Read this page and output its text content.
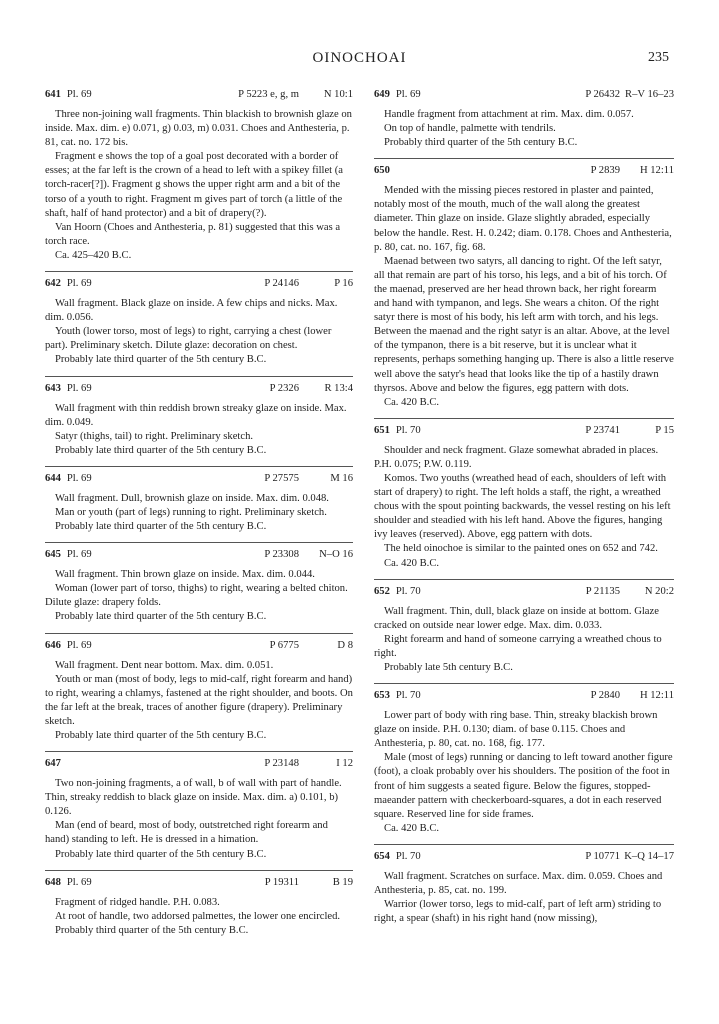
OINOCHOAI	235
641 Pl. 69	P 5223 e, g, m N 10:1

Three non-joining wall fragments. Thin blackish to brownish glaze on inside. Max. dim. e) 0.071, g) 0.03, m) 0.031. Choes and Anthesteria, p. 81, cat. no. 172 bis.

Fragment e shows the top of a goal post decorated with a border of esses; at the far left is the crown of a head to left with a spikey fillet (a torch-racer[?]). Fragment g shows the upper right arm and a bit of the torso of a youth to right. Fragment m gives part of torch (a little of the shaft, half of hand protector) and a bit of drapery(?).

Van Hoorn (Choes and Anthesteria, p. 81) suggested that this was a torch race.

Ca. 425–420 B.C.

642 Pl. 69	P 24146	P 16

Wall fragment. Black glaze on inside. A few chips and nicks. Max. dim. 0.056.

Youth (lower torso, most of legs) to right, carrying a chest (lower part). Preliminary sketch. Dilute glaze: decoration on chest.

Probably late third quarter of the 5th century B.C.

643 Pl. 69	P 2326 R 13:4

Wall fragment with thin reddish brown streaky glaze on inside. Max. dim. 0.049.

Satyr (thighs, tail) to right. Preliminary sketch.

Probably late third quarter of the 5th century B.C.

644 Pl. 69	P 27575	M 16

Wall fragment. Dull, brownish glaze on inside. Max. dim. 0.048.

Man or youth (part of legs) running to right. Preliminary sketch.

Probably late third quarter of the 5th century B.C.

645 Pl. 69	P 23308 N–O 16

Wall fragment. Thin brown glaze on inside. Max. dim. 0.044.

Woman (lower part of torso, thighs) to right, wearing a belted chiton. Dilute glaze: drapery folds.

Probably late third quarter of the 5th century B.C.

646 Pl. 69	P 6775	D 8

Wall fragment. Dent near bottom. Max. dim. 0.051.

Youth or man (most of body, legs to mid-calf, right forearm and hand) to right, wearing a chlamys, fastened at the right shoulder, and boots. On the far left at the break, traces of another figure (drapery). Preliminary sketch.

Probably late third quarter of the 5th century B.C.

647	P 23148	I 12

Two non-joining fragments, a of wall, b of wall with part of handle. Thin, streaky reddish to black glaze on inside. Max. dim. a) 0.101, b) 0.126.

Man (end of beard, most of body, outstretched right forearm and hand) standing to left. He is dressed in a himation.

Probably late third quarter of the 5th century B.C.

648 Pl. 69	P 19311	B 19

Fragment of ridged handle. P.H. 0.083.

At root of handle, two addorsed palmettes, the lower one encircled.

Probably third quarter of the 5th century B.C.

649 Pl. 69	P 26432 R–V 16–23

Handle fragment from attachment at rim. Max. dim. 0.057.

On top of handle, palmette with tendrils.

Probably third quarter of the 5th century B.C.

650	P 2839 H 12:11

Mended with the missing pieces restored in plaster and painted, notably most of the mouth, much of the wall along the greatest diameter. Thin glaze on inside. Glaze slightly abraded, especially below the handle. Rest. H. 0.242; diam. 0.178. Choes and Anthesteria, p. 80, cat. no. 167, fig. 68.

Maenad between two satyrs, all dancing to right. Of the left satyr, all that remain are part of his torso, his legs, and a bit of his torch. Of the maenad, preserved are her head thrown back, her right forearm and hand with tympanon, and legs. She wears a chiton. Of the right satyr there is most of his body, his left arm with torch, and his legs. Between the maenad and the right satyr is an altar. Above, at the level of the tympanon, there is a bit reserve, but it is unclear what it represents, perhaps something hanging up. There is also a little reserve well above the satyr's head that looks like the tip of a hastily drawn thyrsos. Above and below the figures, egg pattern with dots.

Ca. 420 B.C.

651 Pl. 70	P 23741	P 15

Shoulder and neck fragment. Glaze somewhat abraded in places. P.H. 0.075; P.W. 0.119.

Komos. Two youths (wreathed head of each, shoulders of left with start of drapery) to right. The left holds a staff, the right, a wreathed chous with the spout pointing backwards, the vessel resting on his left shoulder and steadied with his left hand. Above the figures, hanging ivy leaves (reserved). Above, egg pattern with dots.

The held oinochoe is similar to the painted ones on 652 and 742.

Ca. 420 B.C.

652 Pl. 70	P 21135 N 20:2

Wall fragment. Thin, dull, black glaze on inside at bottom. Glaze cracked on outside near lower edge. Max. dim. 0.033.

Right forearm and hand of someone carrying a wreathed chous to right.

Probably late 5th century B.C.

653 Pl. 70	P 2840 H 12:11

Lower part of body with ring base. Thin, streaky blackish brown glaze on inside. P.H. 0.130; diam. of base 0.115. Choes and Anthesteria, p. 80, cat. no. 168, fig. 177.

Male (most of legs) running or dancing to left toward another figure (foot), a cloak probably over his shoulders. The position of the foot in front of him suggests a seated figure. Below the figures, stopped-maeander pattern with checkerboard-squares, a dot in each reserved square. Reserved line for side frames.

Ca. 420 B.C.

654 Pl. 70	P 10771 K–Q 14–17

Wall fragment. Scratches on surface. Max. dim. 0.059. Choes and Anthesteria, p. 85, cat. no. 199.

Warrior (lower torso, legs to mid-calf, part of left arm) striding to right, a spear (shaft) in his right hand (now missing),
